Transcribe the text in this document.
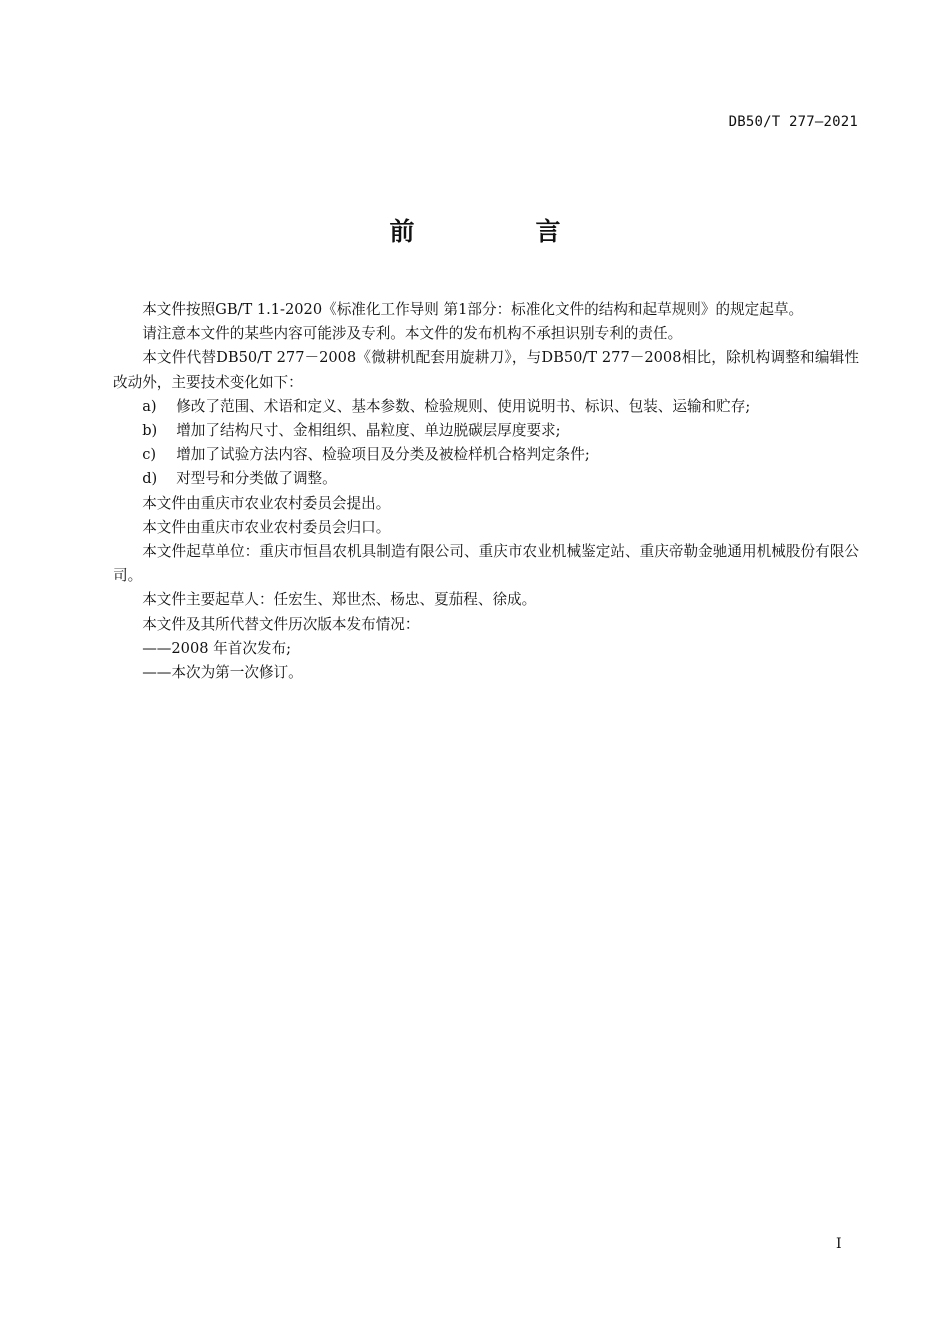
DB50/T 277—2021
前　言

本文件按照GB/T 1.1-2020《标准化工作导则 第1部分：标准化文件的结构和起草规则》的规定起草。

请注意本文件的某些内容可能涉及专利。本文件的发布机构不承担识别专利的责任。

本文件代替DB50/T 277－2008《微耕机配套用旋耕刀》，与DB50/T 277－2008相比，除机构调整和编辑性改动外，主要技术变化如下：

a) 修改了范围、术语和定义、基本参数、检验规则、使用说明书、标识、包装、运输和贮存;

b) 增加了结构尺寸、金相组织、晶粒度、单边脱碳层厚度要求;

c) 增加了试验方法内容、检验项目及分类及被检样机合格判定条件;

d) 对型号和分类做了调整。

本文件由重庆市农业农村委员会提出。

本文件由重庆市农业农村委员会归口。

本文件起草单位：重庆市恒昌农机具制造有限公司、重庆市农业机械鉴定站、重庆帝勒金驰通用机械股份有限公司。

本文件主要起草人：任宏生、郑世杰、杨忠、夏茄程、徐成。

本文件及其所代替文件历次版本发布情况：

——2008 年首次发布;

——本次为第一次修订。

I
